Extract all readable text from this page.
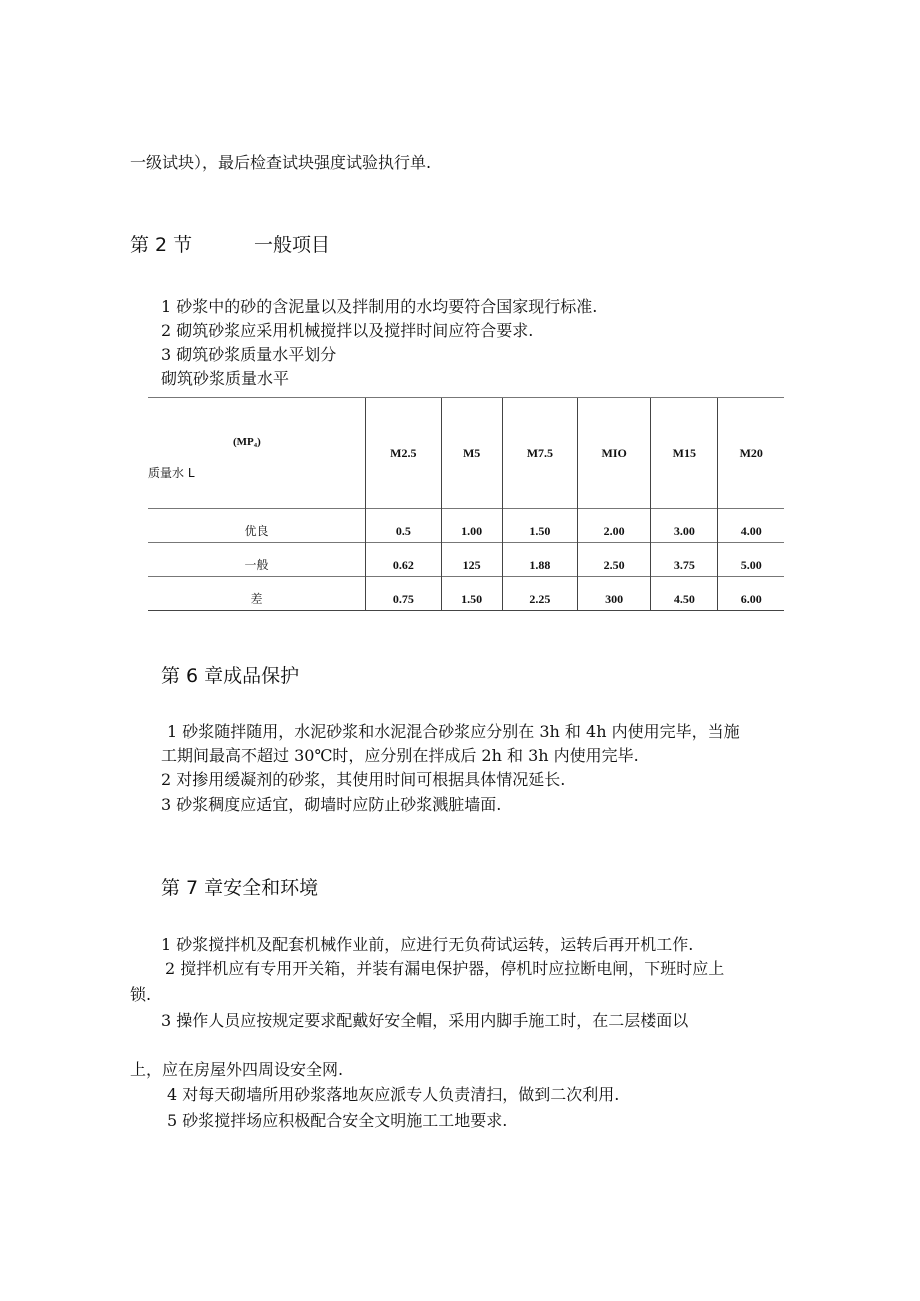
一级试块），最后检查试块强度试验执行单.
第 2 节	一般项目
1 砂浆中的砂的含泥量以及拌制用的水均要符合国家现行标准.
2 砌筑砂浆应采用机械搅拌以及搅拌时间应符合要求.
3 砌筑砂浆质量水平划分
砌筑砂浆质量水平
(MP₄)
质量水 L	M2.5	M5	M7.5	MIO	M15	M20
优良	0.5	1.00	1.50	2.00	3.00	4.00
一般	0.62	125	1.88	2.50	3.75	5.00
差	0.75	1.50	2.25	300	4.50	6.00
第 6 章成品保护
1 砂浆随拌随用，水泥砂浆和水泥混合砂浆应分别在 3h 和 4h 内使用完毕，当施
工期间最高不超过 30℃时，应分别在拌成后 2h 和 3h 内使用完毕.
2 对掺用缓凝剂的砂浆，其使用时间可根据具体情况延长.
3 砂浆稠度应适宜，砌墙时应防止砂浆溅脏墙面.
第 7 章安全和环境
1 砂浆搅拌机及配套机械作业前，应进行无负荷试运转，运转后再开机工作.
2 搅拌机应有专用开关箱，并装有漏电保护器，停机时应拉断电闸，下班时应上
锁.
3 操作人员应按规定要求配戴好安全帽，采用内脚手施工时，在二层楼面以
上，应在房屋外四周设安全网.
4 对每天砌墙所用砂浆落地灰应派专人负责清扫，做到二次利用.
5 砂浆搅拌场应积极配合安全文明施工工地要求.
